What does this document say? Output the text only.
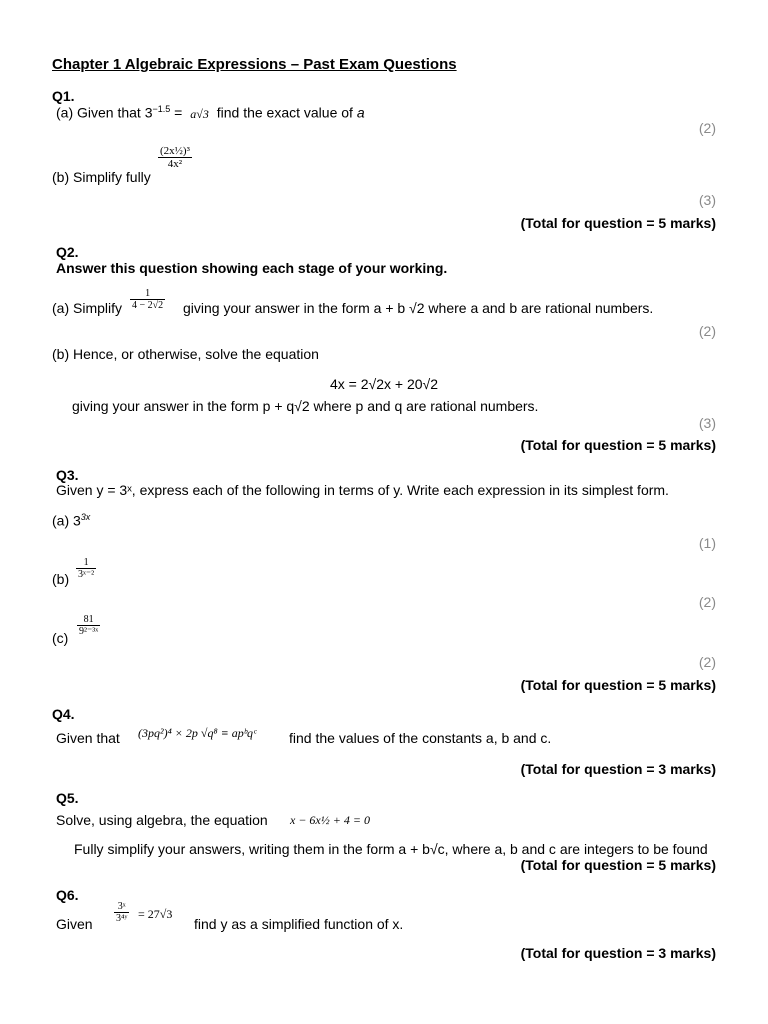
Chapter 1 Algebraic Expressions – Past Exam Questions
Q1.
(a) Given that $3^{-1.5} = a√3$ find the exact value of a
(2)
(b) Simplify fully
$\frac{\text{(2x½)³}}{\text{4x²}}$
(3)
(Total for question = 5 marks)
Q2.
Answer this question showing each stage of your working.
(a) Simplify $\frac{1}{4 - 2√2}$ giving your answer in the form a + b √2 where a and b are rational numbers.
(2)
(b) Hence, or otherwise, solve the equation
4x = 2√2x + 20√2
giving your answer in the form p + q√2 where p and q are rational numbers.
(3)
(Total for question = 5 marks)
Q3.
Given y = 3ˣ, express each of the following in terms of y. Write each expression in its simplest form.
(a) $3^{3x}$
(1)
$(b) \frac{1}{\text{3ˣ⁻²}}$
(2)
(c)
$\frac{81}{\text{9²⁻³ˣ}}$
(2)
(Total for question = 5 marks)
Q4.
Given that (3pq²)⁴ × 2p √q⁸ ≡ apᵇqᶜ find the values of the constants a, b and c.
(Total for question = 3 marks)
Q5.
Solve, using algebra, the equation x − 6x½ + 4 = 0
Fully simplify your answers, writing them in the form a + b√c, where a, b and c are integers to be found
(Total for question = 5 marks)
Q6.
Given $\frac{\text{3ˣ}}{\text{3⁴ʸ}} = 27√3$
find y as a simplified function of x.
(Total for question = 3 marks)
